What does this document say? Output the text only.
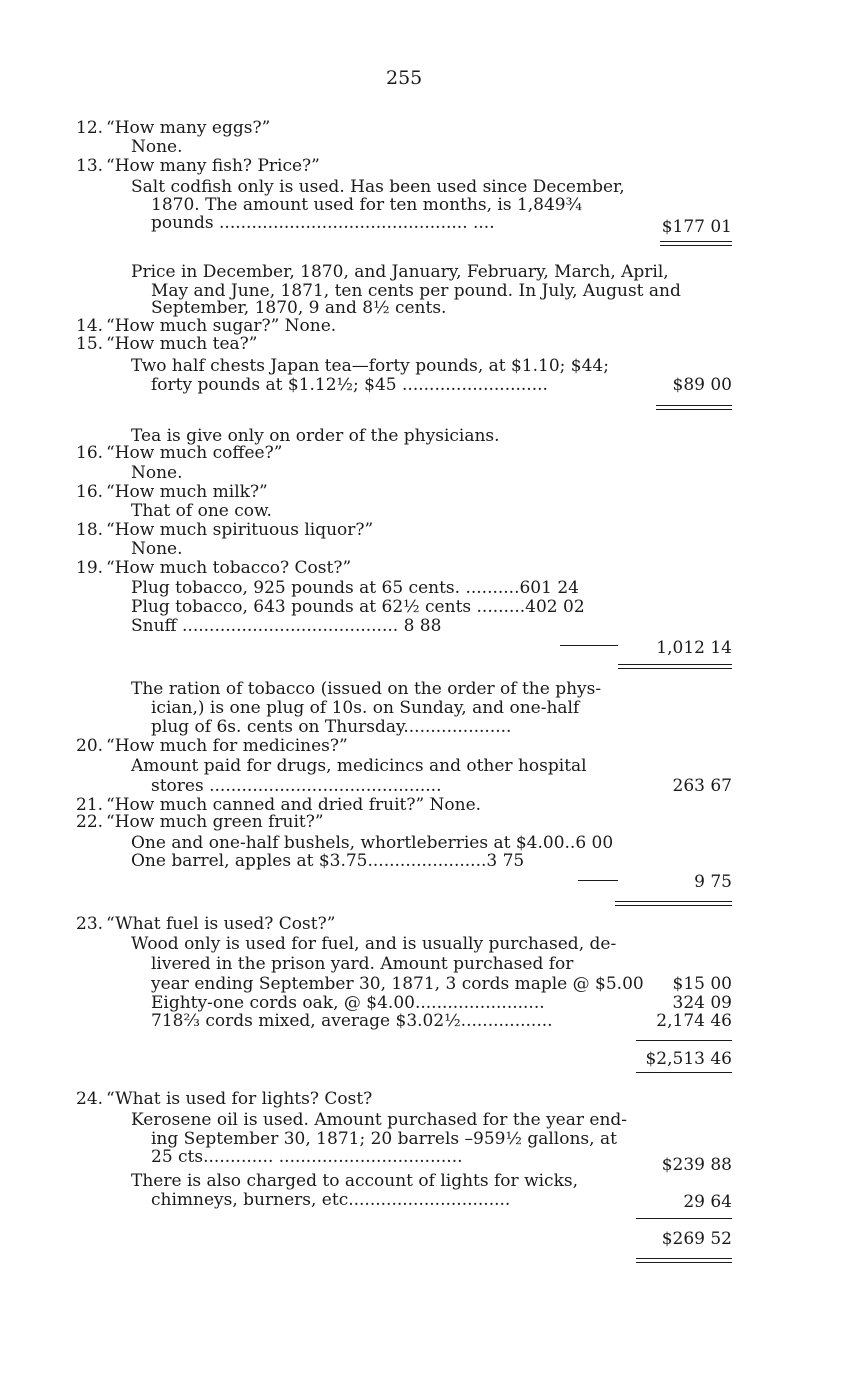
255
12. “How many eggs?”
None.
13. “How many fish? Price?”
Salt codfish only is used. Has been used since December,
1870. The amount used for ten months, is 1,849¾
pounds .............................................. ....	$177 01
Price in December, 1870, and January, February, March, April,
May and June, 1871, ten cents per pound. In July, August and
September, 1870, 9 and 8½ cents.
14. “How much sugar?” None.
15. “How much tea?”
Two half chests Japan tea—forty pounds, at $1.10; $44;
forty pounds at $1.12½; $45 ...........................	$89 00
Tea is give only on order of the physicians.
16. “How much coffee?”
None.
16. “How much milk?”
That of one cow.
18. “How much spirituous liquor?”
None.
19. “How much tobacco? Cost?”
Plug tobacco, 925 pounds at 65 cents. ..........601 24
Plug tobacco, 643 pounds at 62½ cents .........402 02
Snuff ........................................ 8 88
1,012 14
The ration of tobacco (issued on the order of the phys-
ician,) is one plug of 10s. on Sunday, and one-half
plug of 6s. cents on Thursday....................
20. “How much for medicines?”
Amount paid for drugs, medicincs and other hospital
stores ...........................................	263 67
21. “How much canned and dried fruit?” None.
22. “How much green fruit?”
One and one-half bushels, whortleberries at $4.00..6 00
One barrel, apples at $3.75......................3 75
9 75
23. “What fuel is used? Cost?”
Wood only is used for fuel, and is usually purchased, de-
livered in the prison yard. Amount purchased for
year ending September 30, 1871, 3 cords maple @ $5.00 $15 00
Eighty-one cords oak, @ $4.00........................	324 09
718⅔ cords mixed, average $3.02½.................	2,174 46
$2,513 46
24. “What is used for lights? Cost?
Kerosene oil is used. Amount purchased for the year end-
ing September 30, 1871; 20 barrels –959½ gallons, at
25 cts............. ..................................	$239 88
There is also charged to account of lights for wicks,
chimneys, burners, etc..............................	29 64
$269 52
